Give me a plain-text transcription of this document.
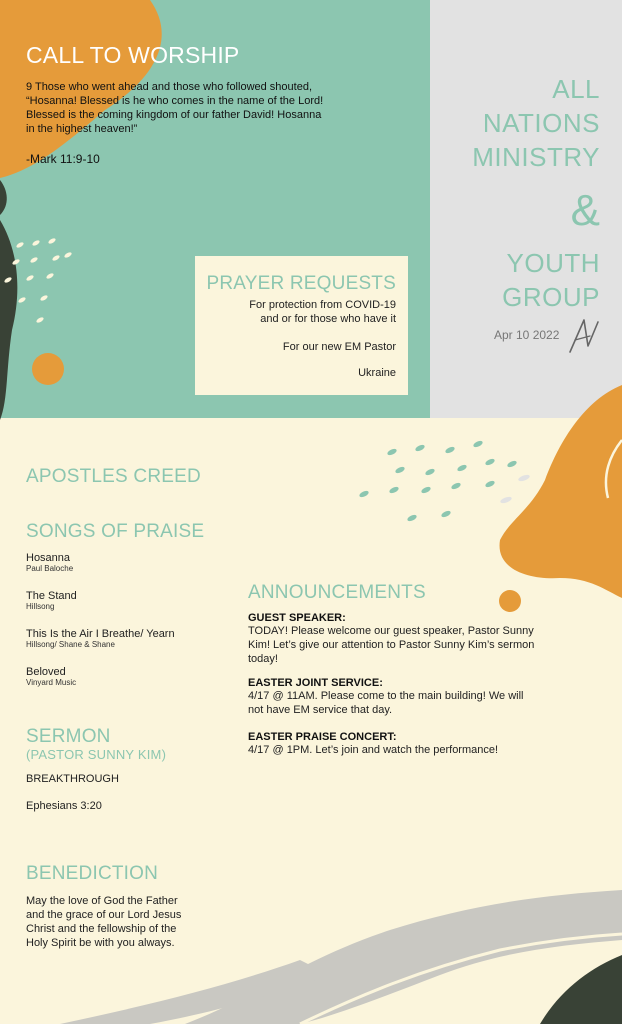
CALL TO WORSHIP
9 Those who went ahead and those who followed shouted,
“Hosanna! Blessed is he who comes in the name of the Lord!
Blessed is the coming kingdom of our father David! Hosanna
in the highest heaven!”
-Mark 11:9-10
PRAYER REQUESTS
For protection from COVID-19
and or for those who have it
For our new EM Pastor
Ukraine
ALL
NATIONS
MINISTRY
&
YOUTH
GROUP
Apr 10 2022
APOSTLES CREED
SONGS OF PRAISE
Hosanna
Paul Baloche
The Stand
Hillsong
This Is the Air I Breathe/ Yearn
Hillsong/ Shane & Shane
Beloved
Vinyard Music
SERMON
(PASTOR SUNNY KIM)
BREAKTHROUGH
Ephesians 3:20
BENEDICTION
May the love of God the Father
and the grace of our Lord Jesus
Christ and the fellowship of the
Holy Spirit be with you always.
ANNOUNCEMENTS
GUEST SPEAKER:
TODAY! Please welcome our guest speaker, Pastor Sunny
Kim! Let’s give our attention to Pastor Sunny Kim’s sermon
today!
EASTER JOINT SERVICE:
4/17 @ 11AM. Please come to the main building! We will
not have EM service that day.
EASTER PRAISE CONCERT:
4/17 @ 1PM. Let’s join and watch the performance!
